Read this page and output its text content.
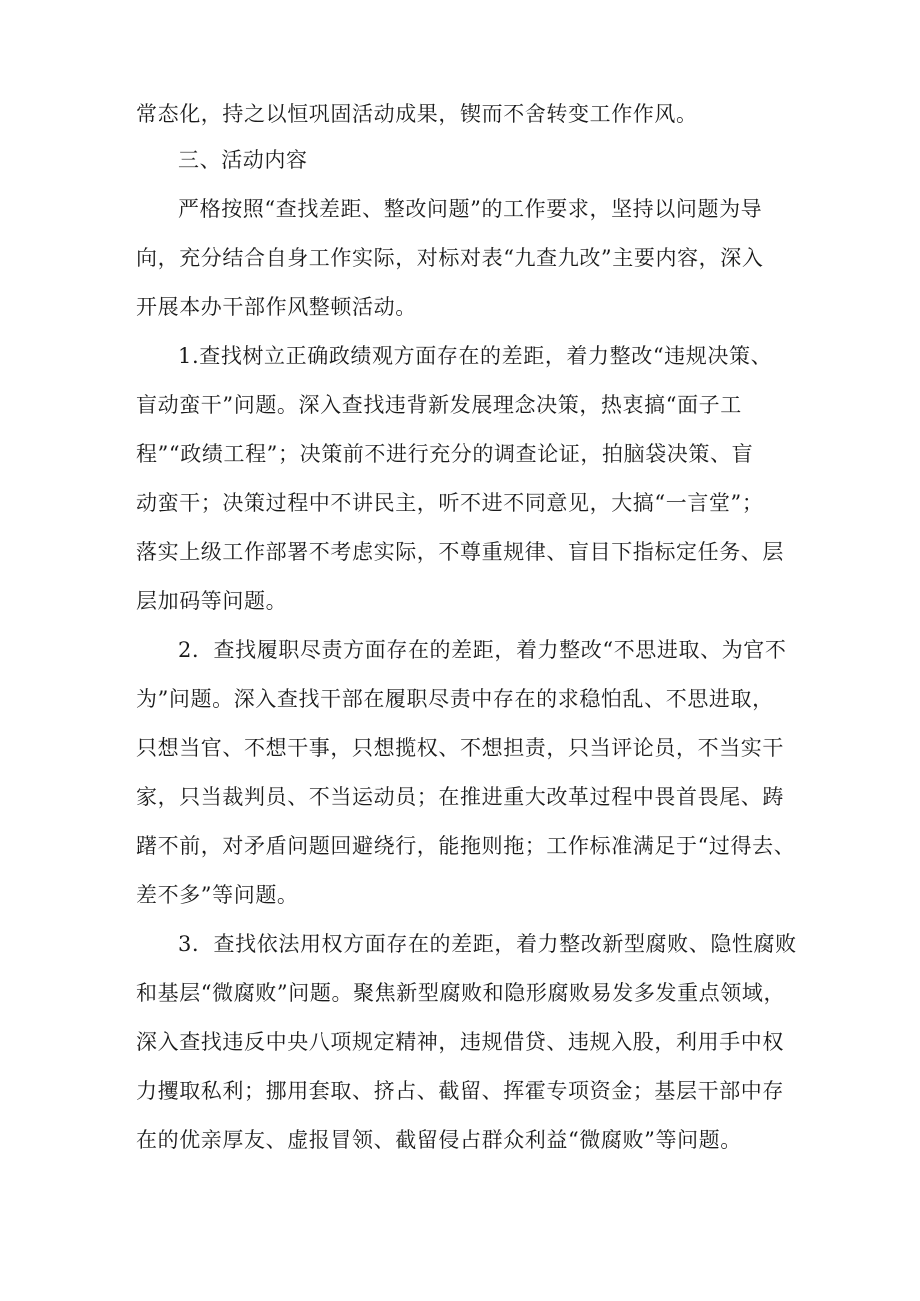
常态化，持之以恒巩固活动成果，锲而不舍转变工作作风。
三、活动内容
严格按照“查找差距、整改问题”的工作要求，坚持以问题为导
向，充分结合自身工作实际，对标对表“九查九改”主要内容，深入
开展本办干部作风整顿活动。
1.查找树立正确政绩观方面存在的差距，着力整改“违规决策、
盲动蛮干”问题。深入查找违背新发展理念决策，热衷搞“面子工
程”“政绩工程”；决策前不进行充分的调查论证，拍脑袋决策、盲
动蛮干；决策过程中不讲民主，听不进不同意见，大搞“一言堂”；
落实上级工作部署不考虑实际，不尊重规律、盲目下指标定任务、层
层加码等问题。
2．查找履职尽责方面存在的差距，着力整改“不思进取、为官不
为”问题。深入查找干部在履职尽责中存在的求稳怕乱、不思进取，
只想当官、不想干事，只想揽权、不想担责，只当评论员，不当实干
家，只当裁判员、不当运动员；在推进重大改革过程中畏首畏尾、踌
躇不前，对矛盾问题回避绕行，能拖则拖；工作标准满足于“过得去、
差不多”等问题。
3．查找依法用权方面存在的差距，着力整改新型腐败、隐性腐败
和基层“微腐败”问题。聚焦新型腐败和隐形腐败易发多发重点领域，
深入查找违反中央八项规定精神，违规借贷、违规入股，利用手中权
力攫取私利；挪用套取、挤占、截留、挥霍专项资金；基层干部中存
在的优亲厚友、虚报冒领、截留侵占群众利益“微腐败”等问题。
